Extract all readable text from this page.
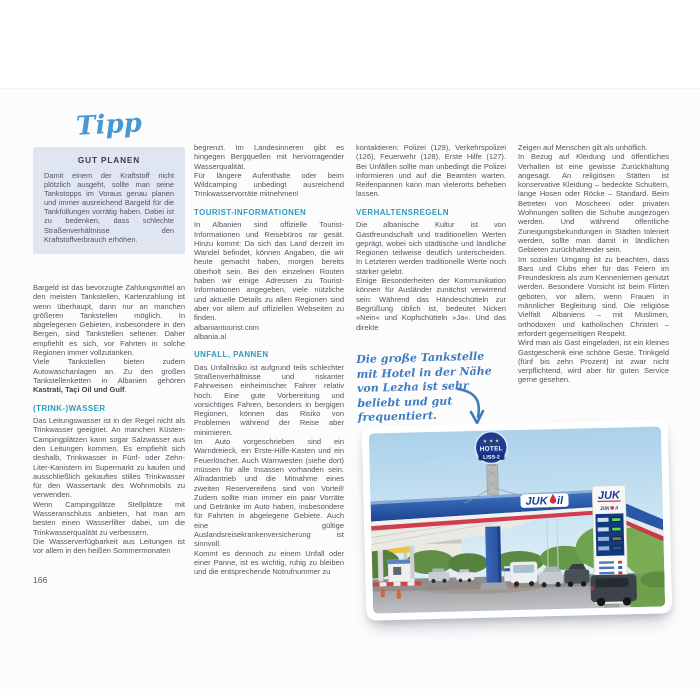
Tipp
GUT PLANEN

Damit einem der Kraftstoff nicht plötzlich ausgeht, sollte man seine Tankstopps im Voraus genau planen und immer ausreichend Bargeld für die Tankfüllungen vorrätig haben. Dabei ist zu bedenken, dass schlechte Straßenverhältnisse den Kraftstoffverbrauch erhöhen.

Bargeld ist das bevorzugte Zahlungsmittel an den meisten Tankstellen, Kartenzahlung ist wenn überhaupt, dann nur an manchen größeren Tankstellen möglich. In abgelegenen Gebieten, insbesondere in den Bergen, sind Tankstellen seltener. Daher empfiehlt es sich, vor Fahrten in solche Regionen immer vollzutanken.

Viele Tankstellen bieten zudem Autowaschanlagen an. Zu den großen Tankstellenketten in Albanien gehören Kastrati, Taçi Oil und Gulf.

(TRINK-)WASSER

Das Leitungswasser ist in der Regel nicht als Trinkwasser geeignet. An manchen Küsten-Campingplätzen kann sogar Salzwasser aus den Leitungen kommen. Es empfiehlt sich deshalb, Trinkwasser in Fünf- oder Zehn-Liter-Kanistern im Supermarkt zu kaufen und ausschließlich gekauftes stilles Trinkwasser für den Wassertank des Wohnmobils zu verwenden.

Wenn Campingplätze Stellplätze mit Wasseranschluss anbieten, hat man am besten einen Wasserfilter dabei, um die Trinkwasserqualität zu verbessern.

Die Wasserverfügbarkeit aus Leitungen ist vor allem in den heißen Sommermonaten

begrenzt. Im Landesinneren gibt es hingegen Bergquellen mit hervorragender Wasserqualität.

Für längere Aufenthalte oder beim Wildcamping unbedingt ausreichend Trinkwasservorräte mitnehmen!

TOURIST-INFORMATIONEN

In Albanien sind offizielle Tourist-Informationen und Reisebüros rar gesät. Hinzu kommt: Da sich das Land derzeit im Wandel befindet, können Angaben, die wir heute gemacht haben, morgen bereits überholt sein. Bei den einzelnen Routen haben wir einige Adressen zu Tourist-Informationen angegeben, viele nützliche und aktuelle Details zu allen Regionen sind aber vor allem auf offiziellen Webseiten zu finden.

albaniantourist.com

albania.al

UNFALL, PANNEN

Das Unfallrisiko ist aufgrund teils schlechter Straßenverhältnisse und riskanter Fahrweisen einheimischer Fahrer relativ hoch. Eine gute Vorbereitung und vorsichtiges Fahren, besonders in bergigen Regionen, können das Risiko von Problemen während der Reise aber minimieren.

Im Auto vorgeschrieben sind ein Warndreieck, ein Erste-Hilfe-Kasten und ein Feuerlöscher. Auch Warnwesten (siehe dort) müssen für alle Insassen vorhanden sein. Allradantrieb und die Mitnahme eines zweiten Reservereifens sind von Vorteil! Zudem sollte man immer ein paar Vorräte und Getränke im Auto haben, insbesondere für Fahrten in abgelegene Gebiete. Auch eine gültige Auslandsreisekrankenversicherung ist sinnvoll.

Kommt es dennoch zu einem Unfall oder einer Panne, ist es wichtig, ruhig zu bleiben und die entsprechende Notrufnummer zu

kontaktieren: Polizei (129), Verkehrspolizei (126), Feuerwehr (128), Erste Hilfe (127). Bei Unfällen sollte man unbedingt die Polizei informieren und auf die Beamten warten. Reifenpannen kann man vielerorts beheben lassen.

VERHALTENSREGELN

Die albanische Kultur ist von Gastfreundschaft und traditionellen Werten geprägt, wobei sich städtische und ländliche Regionen teilweise deutlich unterscheiden. In Letzteren werden traditionelle Werte noch stärker gelebt.

Einige Besonderheiten der Kommunikation können für Ausländer zunächst verwirrend sein: Während das Händeschütteln zur Begrüßung üblich ist, bedeutet Nicken »Nein« und Kopfschütteln »Ja«. Und das direkte

Zeigen auf Menschen gilt als unhöflich.

In Bezug auf Kleidung und öffentliches Verhalten ist eine gewisse Zurückhaltung angesagt. An religiösen Stätten ist konservative Kleidung – bedeckte Schultern, lange Hosen oder Röcke – Standard. Beim Betreten von Moscheen oder privaten Wohnungen sollten die Schuhe ausgezogen werden. Und während öffentliche Zuneigungsbekundungen in Städten toleriert werden, sollte man damit in ländlichen Gebieten zurückhaltender sein.

Im sozialen Umgang ist zu beachten, dass Bars und Clubs eher für das Feiern im Freundeskreis als zum Kennenlernen genutzt werden. Besondere Vorsicht ist beim Flirten geboten, vor allem, wenn Frauen in männlicher Begleitung sind. Die religiöse Vielfalt Albaniens – mit Muslimen, orthodoxen und katholischen Christen – erfordert gegenseitigen Respekt.

Wird man als Gast eingeladen, ist ein kleines Gastgeschenk eine schöne Geste. Trinkgeld (fünf bis zehn Prozent) ist zwar nicht verpflichtend, wird aber für guten Service gerne gesehen.

166
Die große Tankstelle mit Hotel in der Nähe von Lezha ist sehr beliebt und gut frequentiert.
JUK il
★ ★ ★
HOTEL
LISS-2
JUK
JUK il
